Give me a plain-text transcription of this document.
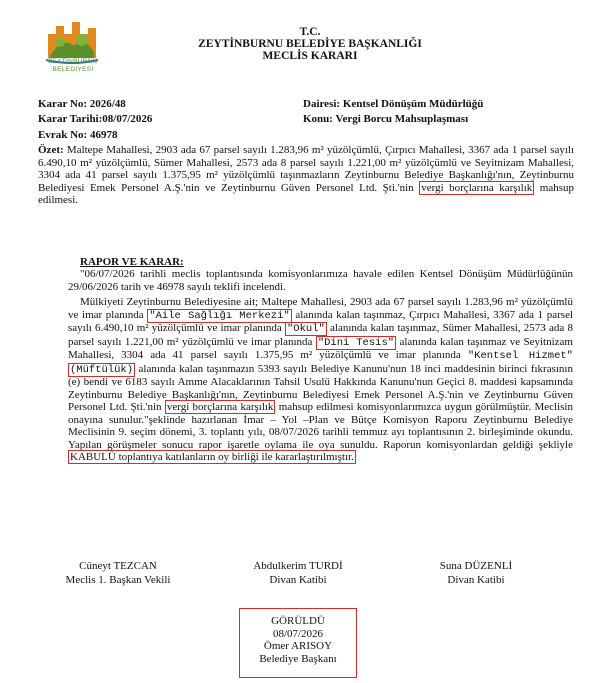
ZEYTİNBURNU
BELEDİYESİ
T.C.
ZEYTİNBURNU BELEDİYE BAŞKANLIĞI
MECLİS KARARI
Karar No: 2026/48
Karar Tarihi:08/07/2026
Evrak No: 46978
Dairesi: Kentsel Dönüşüm Müdürlüğü
Konu: Vergi Borcu Mahsuplaşması
Özet: Maltepe Mahallesi, 2903 ada 67 parsel sayılı 1.283,96 m² yüzölçümlü, Çırpıcı Mahallesi, 3367 ada 1 parsel sayılı 6.490,10 m² yüzölçümlü, Sümer Mahallesi, 2573 ada 8 parsel sayılı 1.221,00 m² yüzölçümlü ve Seyitnizam Mahallesi, 3304 ada 41 parsel sayılı 1.375,95 m² yüzölçümlü taşınmazların Zeytinburnu Belediye Başkanlığı'nın, Zeytinburnu Belediyesi Emek Personel A.Ş.'nin ve Zeytinburnu Güven Personel Ltd. Şti.'nin vergi borçlarına karşılık mahsup edilmesi.
RAPOR VE KARAR:

"06/07/2026 tarihli meclis toplantısında komisyonlarımıza havale edilen Kentsel Dönüşüm Müdürlüğünün 29/06/2026 tarih ve 46978 sayılı teklifi incelendi.

Mülkiyeti Zeytinburnu Belediyesine ait; Maltepe Mahallesi, 2903 ada 67 parsel sayılı 1.283,96 m² yüzölçümlü ve imar planında "Aile Sağlığı Merkezi" alanında kalan taşınmaz, Çırpıcı Mahallesi, 3367 ada 1 parsel sayılı 6.490,10 m² yüzölçümlü ve imar planında "Okul" alanında kalan taşınmaz, Sümer Mahallesi, 2573 ada 8 parsel sayılı 1.221,00 m² yüzölçümlü ve imar planında "Dini Tesis" alanında kalan taşınmaz ve Seyitnizam Mahallesi, 3304 ada 41 parsel sayılı 1.375,95 m² yüzölçümlü ve imar planında "Kentsel Hizmet" (Müftülük) alanında kalan taşınmazın 5393 sayılı Belediye Kanunu'nun 18 inci maddesinin birinci fıkrasının (e) bendi ve 6183 sayılı Amme Alacaklarının Tahsil Usulü Hakkında Kanunu'nun Geçici 8. maddesi kapsamında Zeytinburnu Belediye Başkanlığı'nın, Zeytinburnu Belediyesi Emek Personel A.Ş.'nin ve Zeytinburnu Güven Personel Ltd. Şti.'nin vergi borçlarına karşılık mahsup edilmesi komisyonlarımızca uygun görülmüştür. Meclisin onayına sunulur."şeklinde hazırlanan İmar – Yol –Plan ve Bütçe Komisyon Raporu Zeytinburnu Belediye Meclisinin 9. seçim dönemi, 3. toplantı yılı, 08/07/2026 tarihli temmuz ayı toplantısının 2. birleşiminde okundu. Yapılan görüşmeler sonucu rapor işaretle oylama ile oya sunuldu. Raporun komisyonlardan geldiği şekliyle KABULÜ toplantıya katılanların oy birliği ile kararlaştırılmıştır.

Cüneyt TEZCAN
Meclis 1. Başkan Vekili
Abdulkerim TURDİ
Divan Katibi
Suna DÜZENLİ
Divan Katibi
GÖRÜLDÜ
08/07/2026
Ömer ARISOY
Belediye Başkanı
